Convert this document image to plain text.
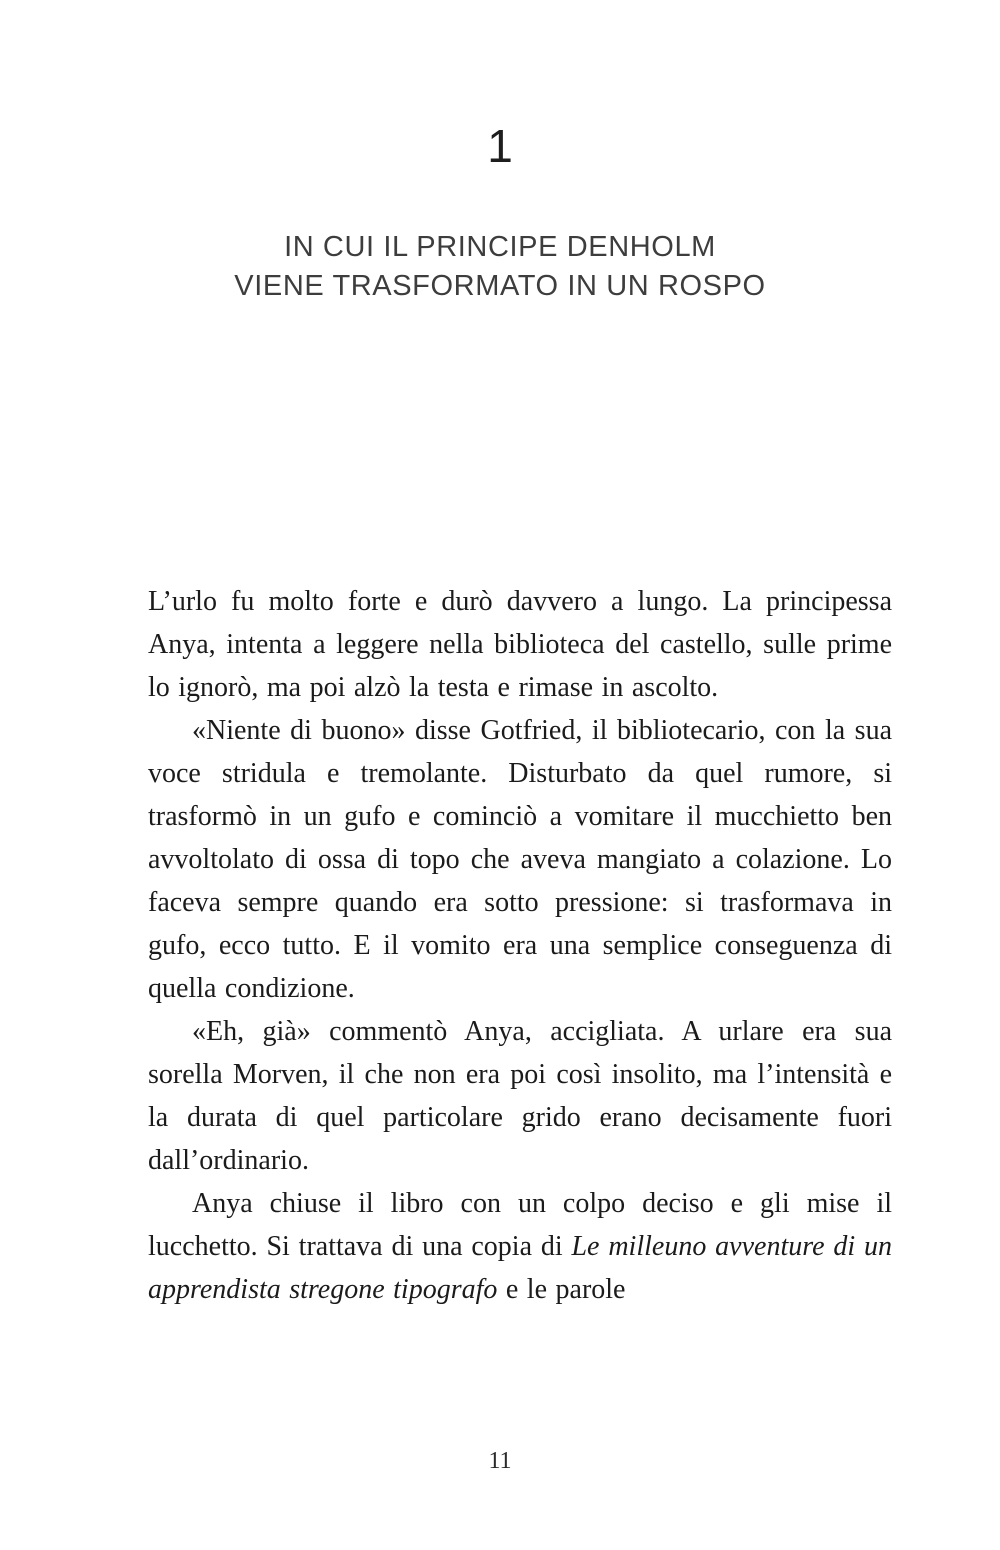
1
IN CUI IL PRINCIPE DENHOLM
VIENE TRASFORMATO IN UN ROSPO

L’urlo fu molto forte e durò davvero a lungo. La principessa Anya, intenta a leggere nella biblioteca del castello, sulle prime lo ignorò, ma poi alzò la testa e rimase in ascolto.

«Niente di buono» disse Gotfried, il bibliotecario, con la sua voce stridula e tremolante. Disturbato da quel rumore, si trasformò in un gufo e cominciò a vomitare il mucchietto ben avvoltolato di ossa di topo che aveva mangiato a colazione. Lo faceva sempre quando era sotto pressione: si trasformava in gufo, ecco tutto. E il vomito era una semplice conseguenza di quella condizione.

«Eh, già» commentò Anya, accigliata. A urlare era sua sorella Morven, il che non era poi così insolito, ma l’intensità e la durata di quel particolare grido erano decisamente fuori dall’ordinario.

Anya chiuse il libro con un colpo deciso e gli mise il lucchetto. Si trattava di una copia di Le milleuno avventure di un apprendista stregone tipografo e le parole

11
